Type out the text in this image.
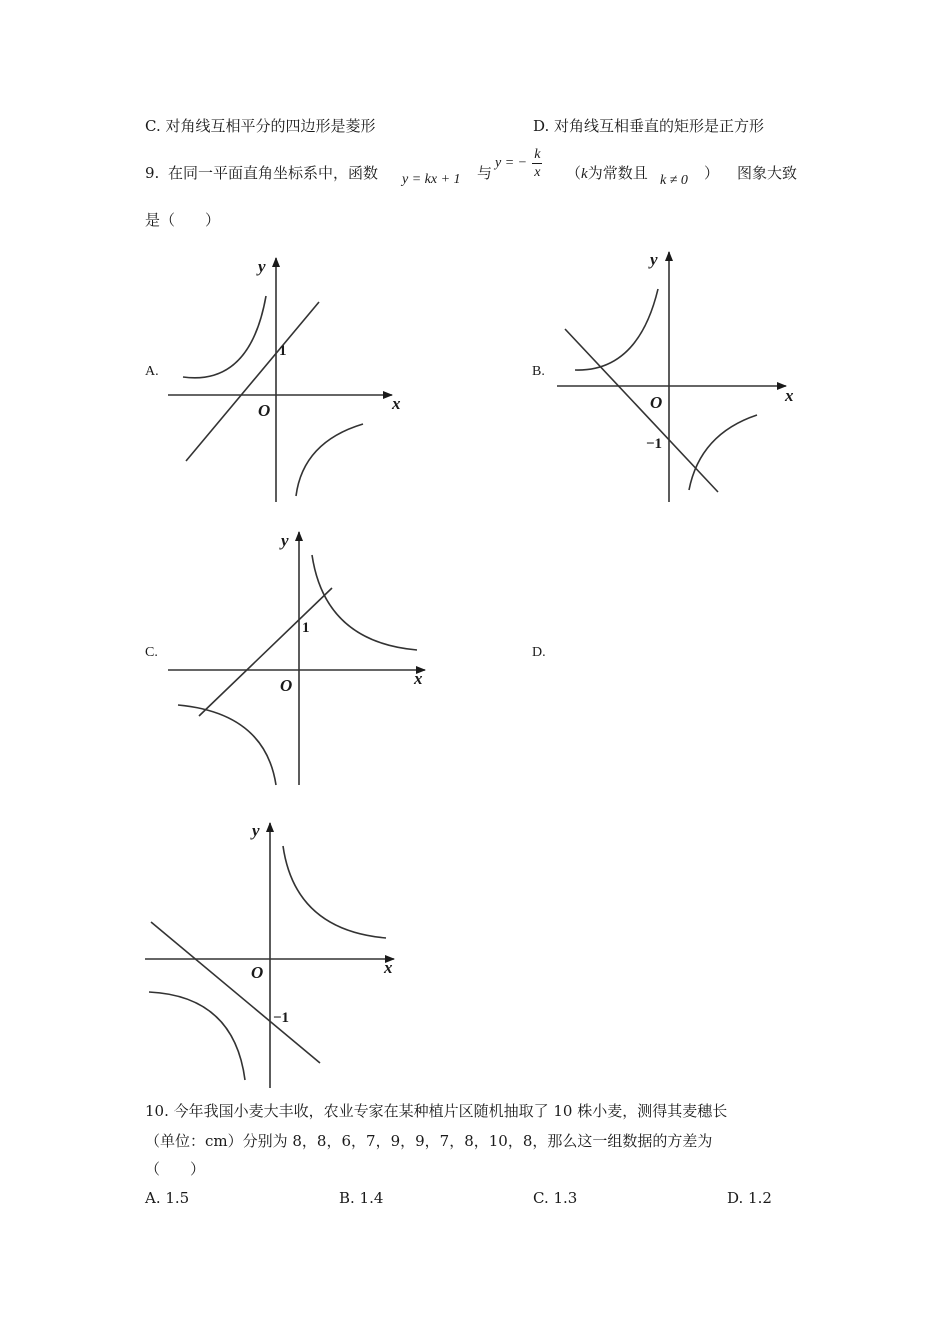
C. 对角线互相平分的四边形是菱形	D. 对角线互相垂直的矩形是正方形
9. 在同一平面直角坐标系中，函数 y = kx + 1 与
y = − $\frac{k}{x} (k$为常数且 k ≠ 0 ） 图象大致
是（　　）
A.	B.
C.	D.
y
x
O
1
y
x
O
−1
y
x
O
1
y
x
O
−1
10. 今年我国小麦大丰收，农业专家在某种植片区随机抽取了 10 株小麦，测得其麦穗长
（单位：cm）分别为 8，8，6，7，9，9，7，8，10，8，那么这一组数据的方差为
（　　）
A. 1.5	B. 1.4	C. 1.3	D. 1.2
